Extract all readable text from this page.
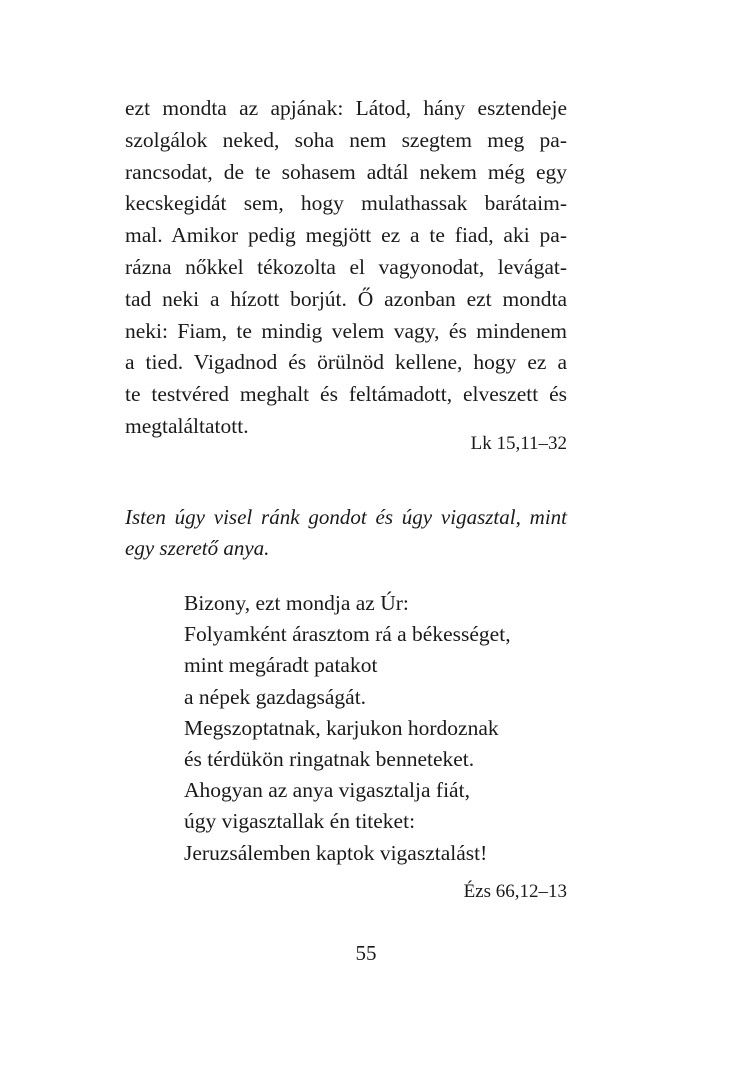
ezt mondta az apjának: Látod, hány esztendeje
szolgálok neked, soha nem szegtem meg pa-
rancsodat, de te sohasem adtál nekem még egy
kecskegidát sem, hogy mulathassak barátaim-
mal. Amikor pedig megjött ez a te fiad, aki pa-
rázna nőkkel tékozolta el vagyonodat, levágat-
tad neki a hízott borjút. Ő azonban ezt mondta
neki: Fiam, te mindig velem vagy, és mindenem
a tied. Vigadnod és örülnöd kellene, hogy ez a
te testvéred meghalt és feltámadott, elveszett és
megtaláltatott.
Lk 15,11–32
Isten úgy visel ránk gondot és úgy vigasztal, mint
egy szerető anya.
Bizony, ezt mondja az Úr:
Folyamként árasztom rá a békességet,
mint megáradt patakot
a népek gazdagságát.
Megszoptatnak, karjukon hordoznak
és térdükön ringatnak benneteket.
Ahogyan az anya vigasztalja fiát,
úgy vigasztallak én titeket:
Jeruzsálemben kaptok vigasztalást!
Ézs 66,12–13
55
